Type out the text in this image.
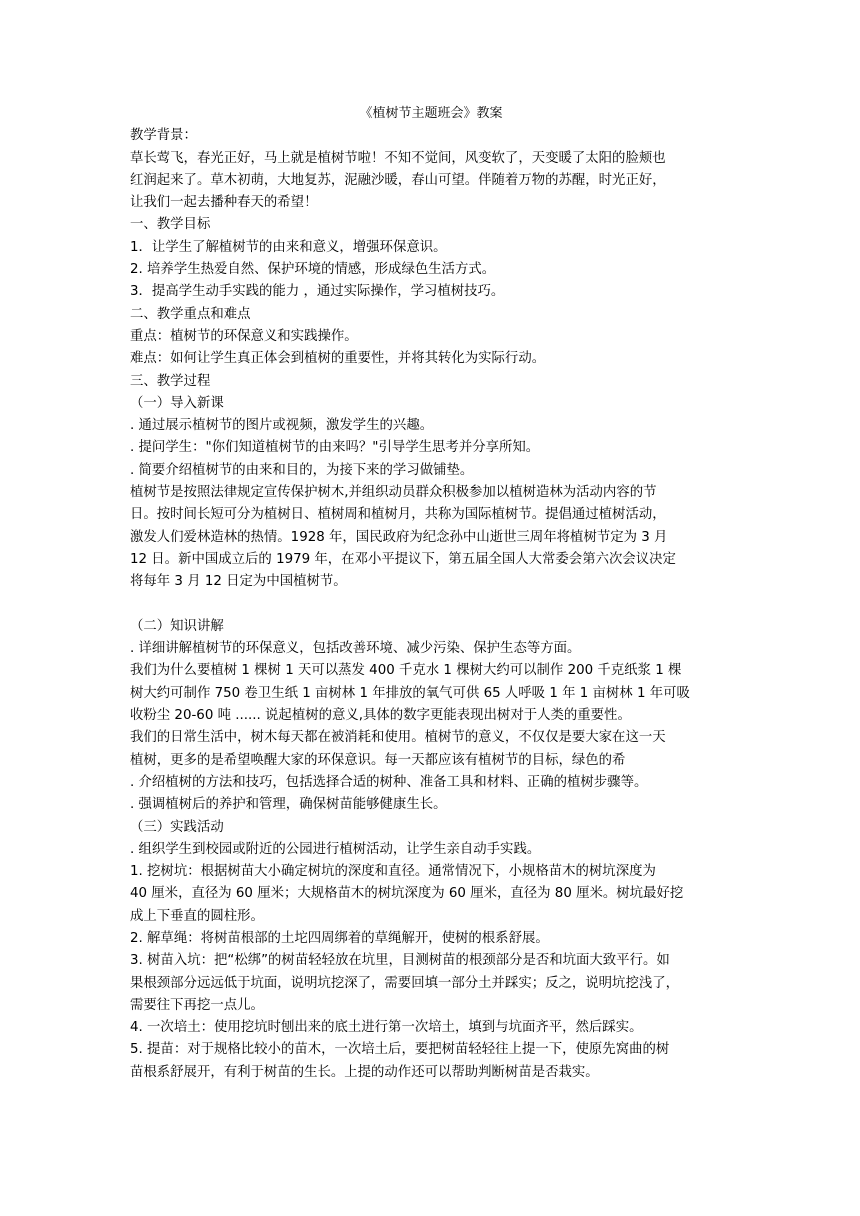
《植树节主题班会》教案
教学背景：
草长莺飞，春光正好，马上就是植树节啦！不知不觉间，风变软了，天变暖了太阳的脸颊也
红润起来了。草木初萌，大地复苏，泥融沙暖，春山可望。伴随着万物的苏醒，时光正好，
让我们一起去播种春天的希望！
一、教学目标
1．让学生了解植树节的由来和意义，增强环保意识。
2. 培养学生热爱自然、保护环境的情感，形成绿色生活方式。
3．提高学生动手实践的能力 ，通过实际操作，学习植树技巧。
二、教学重点和难点
重点：植树节的环保意义和实践操作。
难点：如何让学生真正体会到植树的重要性，并将其转化为实际行动。
三、教学过程
（一）导入新课
. 通过展示植树节的图片或视频，激发学生的兴趣。
. 提问学生："你们知道植树节的由来吗？"引导学生思考并分享所知。
. 简要介绍植树节的由来和目的，为接下来的学习做铺垫。
植树节是按照法律规定宣传保护树木,并组织动员群众积极参加以植树造林为活动内容的节
日。按时间长短可分为植树日、植树周和植树月，共称为国际植树节。提倡通过植树活动，
激发人们爱林造林的热情。1928 年，国民政府为纪念孙中山逝世三周年将植树节定为 3 月
12 日。新中国成立后的 1979 年，在邓小平提议下，第五届全国人大常委会第六次会议决定
将每年 3 月 12 日定为中国植树节。
（二）知识讲解
. 详细讲解植树节的环保意义，包括改善环境、减少污染、保护生态等方面。
我们为什么要植树 1 棵树 1 天可以蒸发 400 千克水 1 棵树大约可以制作 200 千克纸浆 1 棵
树大约可制作 750 卷卫生纸 1 亩树林 1 年排放的氧气可供 65 人呼吸 1 年 1 亩树林 1 年可吸
收粉尘 20-60 吨 ...... 说起植树的意义,具体的数字更能表现出树对于人类的重要性。
我们的日常生活中，树木每天都在被消耗和使用。植树节的意义，不仅仅是要大家在这一天
植树，更多的是希望唤醒大家的环保意识。每一天都应该有植树节的目标，绿色的希
. 介绍植树的方法和技巧，包括选择合适的树种、准备工具和材料、正确的植树步骤等。
. 强调植树后的养护和管理，确保树苗能够健康生长。
（三）实践活动
. 组织学生到校园或附近的公园进行植树活动，让学生亲自动手实践。
1. 挖树坑：根据树苗大小确定树坑的深度和直径。通常情况下，小规格苗木的树坑深度为
40 厘米，直径为 60 厘米；大规格苗木的树坑深度为 60 厘米，直径为 80 厘米。树坑最好挖
成上下垂直的圆柱形。
2. 解草绳：将树苗根部的土坨四周绑着的草绳解开，使树的根系舒展。
3. 树苗入坑：把“松绑”的树苗轻轻放在坑里，目测树苗的根颈部分是否和坑面大致平行。如
果根颈部分远远低于坑面，说明坑挖深了，需要回填一部分土并踩实；反之，说明坑挖浅了，
需要往下再挖一点儿。
4. 一次培土：使用挖坑时刨出来的底土进行第一次培土，填到与坑面齐平，然后踩实。
5. 提苗：对于规格比较小的苗木，一次培土后，要把树苗轻轻往上提一下，使原先窝曲的树
苗根系舒展开，有利于树苗的生长。上提的动作还可以帮助判断树苗是否栽实。
